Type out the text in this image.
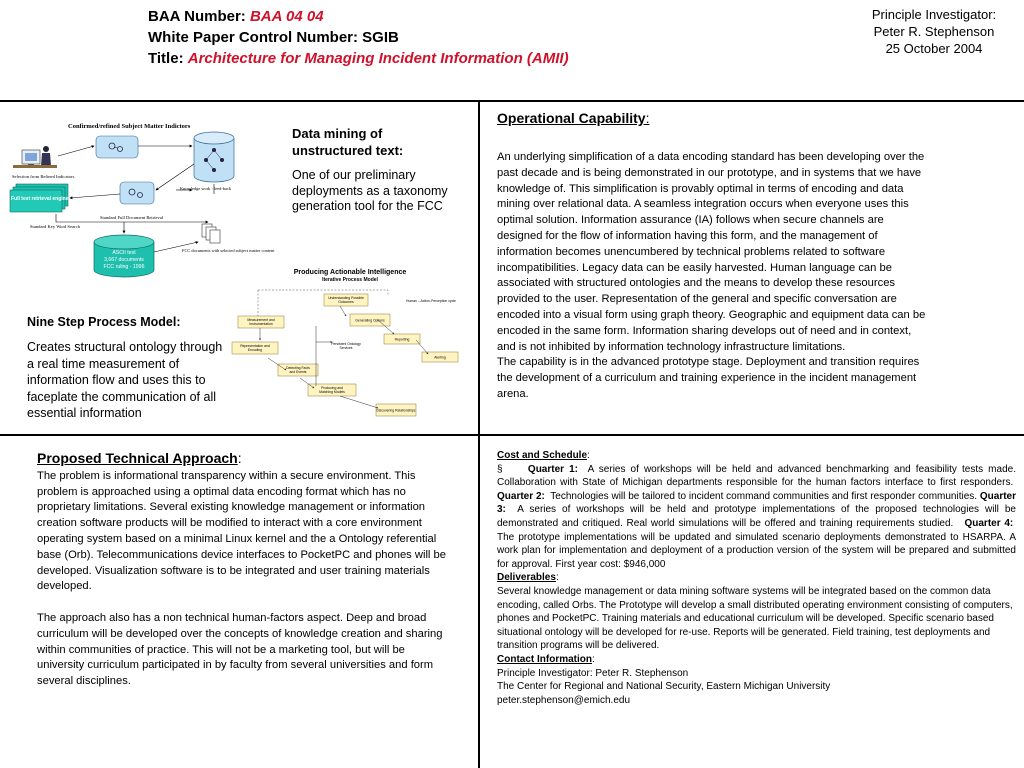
BAA Number: BAA 04 04
White Paper Control Number: SGIB
Title: Architecture for Managing Incident Information (AMII)
Principle Investigator:
Peter R. Stephenson
25 October 2004
Confirmed/refined Subject Matter Indictors
Selection from Refined Indicators
Full text retrieval engine
Standard Key Word Search
Knowledge work : feed-back
Standard Full Document Retrieval
ASCII text
3,667 documents
FCC ruling - 1996
FCC documents with selected subject matter content
Data mining of unstructured text:
One of our preliminary deployments as a taxonomy generation tool for the FCC
Producing Actionable Intelligence
Iterative Process Model
Human – Action-Perception cycle
Measurement and Instrumentation
Representation and Encoding
Detecting Facts and Events
Producing and Matching Models
Discovering Relationships
Understanding Possible Outcomes
Generating Options
Reporting
Alerting
Persistent Ontology Services
Nine Step Process Model:
Creates structural ontology through a real time measurement of information flow and uses this to faceplate the communication of all essential information
Operational Capability:

An underlying simplification of a data encoding standard has been developing over the past decade and is being demonstrated in our prototype, and in systems that we have knowledge of. This simplification is provably optimal in terms of encoding and data mining over relational data. A seamless integration occurs when everyone uses this optimal solution. Information assurance (IA) follows when secure channels are designed for the flow of information having this form, and the management of information becomes unencumbered by technical problems related to software incompatibilities. Legacy data can be easily harvested. Human language can be associated with structured ontologies and the means to develop these resources provided to the user. Representation of the general and specific conversation are encoded into a visual form using graph theory. Geographic and equipment data can be encoded in the same form. Information sharing develops out of need and in context, and is not inhibited by information technology infrastructure limitations.

The capability is in the advanced prototype stage. Deployment and transition requires the development of a curriculum and training experience in the incident management arena.

Proposed Technical Approach:

The problem is informational transparency within a secure environment. This problem is approached using a optimal data encoding format which has no proprietary limitations. Several existing knowledge management or information creation software products will be modified to interact with a core environment operating system based on a minimal Linux kernel and the a Ontology referential base (Orb). Telecommunications device interfaces to PocketPC and phones will be developed. Visualization software is to be integrated and user training materials developed.

The approach also has a non technical human-factors aspect. Deep and broad curriculum will be developed over the concepts of knowledge creation and sharing within communities of practice. This will not be a marketing tool, but will be university curriculum participated in by faculty from several universities and form several disciplines.

Cost and Schedule:

§	Quarter 1: A series of workshops will be held and advanced benchmarking and feasibility tests made. Collaboration with State of Michigan departments responsible for the human factors interface to first responders.  Quarter 2: Technologies will be tailored to incident command communities and first responder communities. Quarter 3: A series of workshops will be held and prototype implementations of the proposed technologies will be demonstrated and critiqued. Real world simulations will be offered and training requirements studied. Quarter 4:  The prototype implementations will be updated and simulated scenario deployments demonstrated to HSARPA. A work plan for implementation and deployment of a production version of the system will be prepared and submitted for approval. First year cost: $946,000

Deliverables:

Several knowledge management or data mining software systems will be integrated based on the common data encoding, called Orbs. The Prototype will develop a small distributed operating environment consisting of computers, phones and PocketPC. Training materials and educational curriculum will be developed. Specific scenario based situational ontology will be developed for re-use. Reports will be generated. Field training, test deployments and transition programs will be delivered.

Contact Information:
Principle Investigator: Peter R. Stephenson
The Center for Regional and National Security, Eastern Michigan University
peter.stephenson@emich.edu
